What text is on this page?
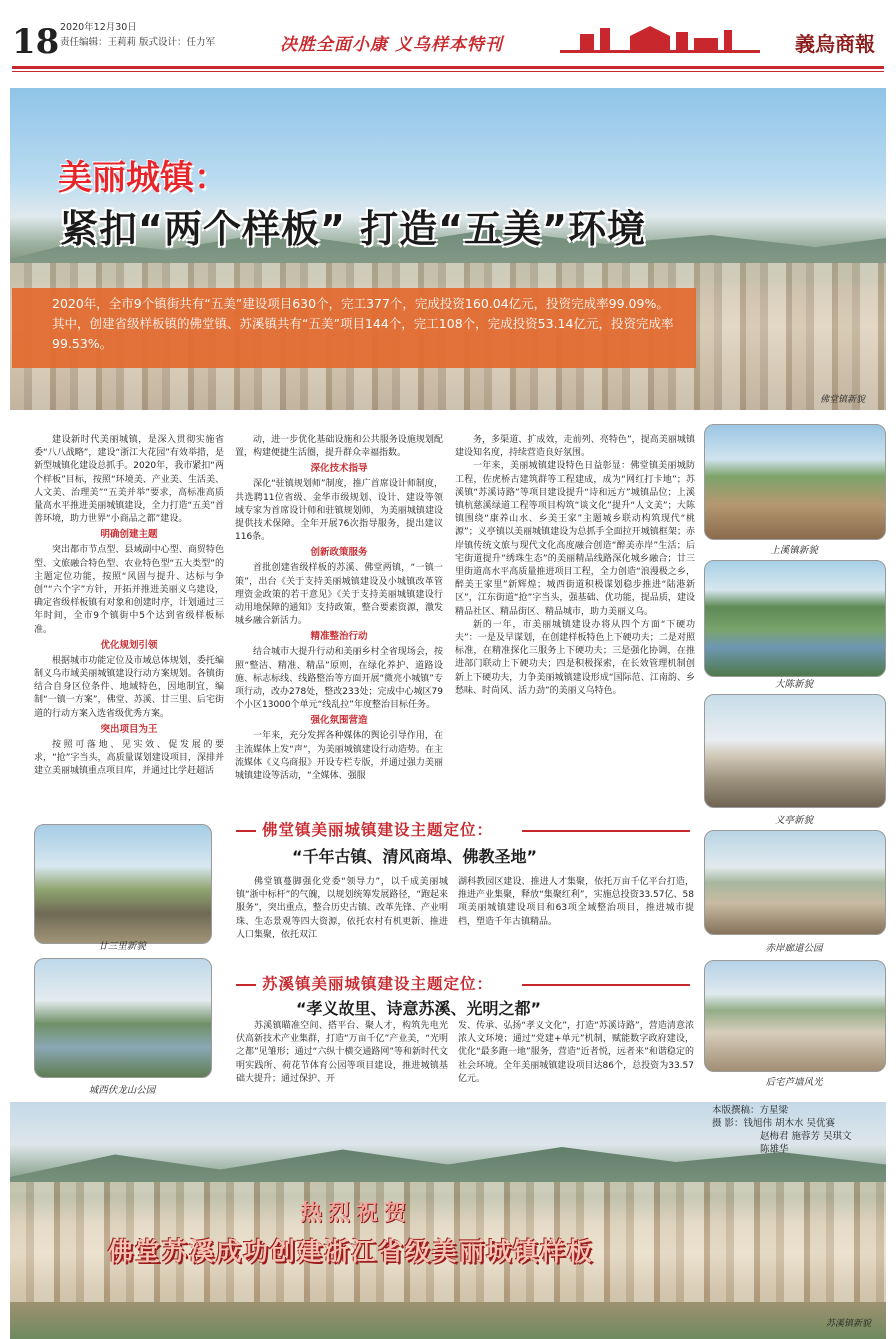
18 2020年12月30日
责任编辑：王莉莉 版式设计：任力军	决胜全面小康 义乌样本特刊	義烏商報
美丽城镇：
紧扣“两个样板” 打造“五美”环境
2020年，全市9个镇街共有“五美”建设项目630个，完工377个，完成投资160.04亿元，投资完成率99.09%。其中，创建省级样板镇的佛堂镇、苏溪镇共有“五美”项目144个，完工108个，完成投资53.14亿元，投资完成率99.53%。
佛堂镇新貌

建设新时代美丽城镇，是深入贯彻实施省委“八八战略”，建设“浙江大花园”有效举措，是新型城镇化建设总抓手。2020年，我市紧扣“两个样板”目标，按照“环境美、产业美、生活美、人文美、治理美”“五美并举”要求，高标准高质量高水平推进美丽城镇建设，全力打造“五美”首善环境，助力世界“小商品之都”建设。

明确创建主题

突出都市节点型、县域副中心型、商贸特色型、文旅融合特色型、农业特色型“五大类型”的主题定位功能，按照“风固与提升、达标与争创”“六个字”方针，开拓并推进美丽义乌建设，确定省级样板镇有对象和创建时序，计划通过三年时间，全市9个镇街中5个达到省级样板标准。

优化规划引领

根据城市功能定位及市域总体规划，委托编制义乌市域美丽城镇建设行动方案规划。各镇街结合自身区位条件、地域特色，因地制宜，编制“一镇一方案”，佛堂、苏溪、廿三里、后宅街道的行动方案入选省级优秀方案。

突出项目为王

按照可落地、见实效、促发展的要求，“抢”字当头，高质量谋划建设项目，深排并建立美丽城镇重点项目库，并通过比学赶超活

动，进一步优化基础设施和公共服务设施规划配置，构建便捷生活圈，提升群众幸福指数。

深化技术指导

深化“驻镇规划师”制度，推广首席设计师制度，共选聘11位省级、金华市级规划、设计、建设等领域专家为首席设计师和驻镇规划师，为美丽城镇建设提供技术保障。全年开展76次指导服务，提出建议116条。

创新政策服务

首批创建省级样板的苏溪、佛堂两镇，“一镇一策”，出台《关于支持美丽城镇建设及小城镇改革管理资金政策的若干意见》《关于支持美丽城镇建设行动用地保障的通知》支持政策，整合要素资源，激发城乡融合新活力。

精准整治行动

结合城市大提升行动和美丽乡村全省现场会，按照“整洁、精准、精品”原则，在绿化养护、道路设施、标志标线、线路整治等方面开展“微亮小城镇”专项行动，改办278处，整改233处；完成中心城区79个小区13000个单元“线乱拉”年度整治目标任务。

强化氛围营造

一年来，充分发挥各种媒体的舆论引导作用，在主流媒体上发“声”，为美丽城镇建设行动造势。在主流媒体《义乌商报》开设专栏专版，并通过强力美丽城镇建设等活动，“全媒体、强服

务，多渠道、扩成效，走前列、亮特色”，提高美丽城镇建设知名度，持续营造良好氛围。

一年来，美丽城镇建设特色日益彰显：佛堂镇美丽城防工程，佐虎桥古建筑群等工程建成，成为“网红打卡地”；苏溪镇“苏溪诗路”等项目建设提升“诗和远方”城镇品位；上溪镇杭慈溪绿道工程等项目构筑“谈文化”提升“人文美”；大陈镇围绕“康养山水、乡美王家”主题城乡联动构筑现代“桃源”；义亭镇以美丽城镇建设为总抓手全面拉开城镇框架；赤岸镇传统文旅与现代文化高度融合创造“醉美赤岸”生活；后宅街道提升“绣珠生态”的美丽精品线路深化城乡融合；廿三里街道高水平高质量推进项目工程，全力创造“浪漫极之乡，醉美王家里”新辉煌；城西街道积极谋划稳步推进“陆港新区”，江东街道“抢”字当头，强基础、优功能，提品质，建设精品社区、精品街区、精品城市，助力美丽义乌。

新的一年，市美丽城镇建设办将从四个方面“下硬功夫”：一是及早谋划，在创建样板特色上下硬功夫；二是对照标准，在精准探化三服务上下硬功夫；三是强化协调，在推进部门联动上下硬功夫；四是积极探索，在长效管理机制创新上下硬功夫，力争美丽城镇建设形成“国际范、江南韵、乡愁味、时尚风、活力劲”的美丽义乌特色。

上溪镇新貌
大陈新貌
义亭新貌
赤岸廊道公园
后宅芦墙风光
廿三里新貌
城西伏龙山公园
佛堂镇美丽城镇建设主题定位：
“千年古镇、清风商埠、佛教圣地”

佛堂镇蔓脚强化党委“领导力”，以千成美丽城镇“浙中标杆”的气魄，以规划统筹发展路径，“跑起来服务”，突出重点，整合历史古镇、改革先锋、产业明珠、生态景观等四大资源，依托农村有机更新、推进人口集聚，依托双江

湖科教园区建设、推进人才集聚，依托万亩千亿平台打造，推进产业集聚，释放“集聚红利”，实施总投资33.57亿、58项美丽城镇建设项目和63项全域整治项目，推进城市提档，塑造千年古镇精品。

苏溪镇美丽城镇建设主题定位：
“孝义故里、诗意苏溪、光明之都”

苏溪镇瞄准空间、搭平台、聚人才，构筑先电光伏高新技术产业集群，打造“万亩千亿”产业美，“光明之都”见雏形；通过“六纵十横交通路网”等和新时代文明实践所、荷花节体育公园等项目建设，推进城镇基础大提升；通过保护、开

发、传承、弘扬“孝义文化”，打造“苏溪诗路”，营造清意浓浓人文环境；通过“党建+单元”机制，赋能数字政府建设，优化“最多跑一地”服务，营造“近者悦，远者来”和谐稳定的社会环境。全年美丽城镇建设项目达86个，总投资为33.57亿元。

本版撰稿：方星梁
摄 影：钱旭伟 胡木水 吴优赛
赵梅君 施蓉芳 吴琪文
陈雄华
热烈祝贺
佛堂苏溪成功创建浙江省级美丽城镇样板
苏溪镇新貌
